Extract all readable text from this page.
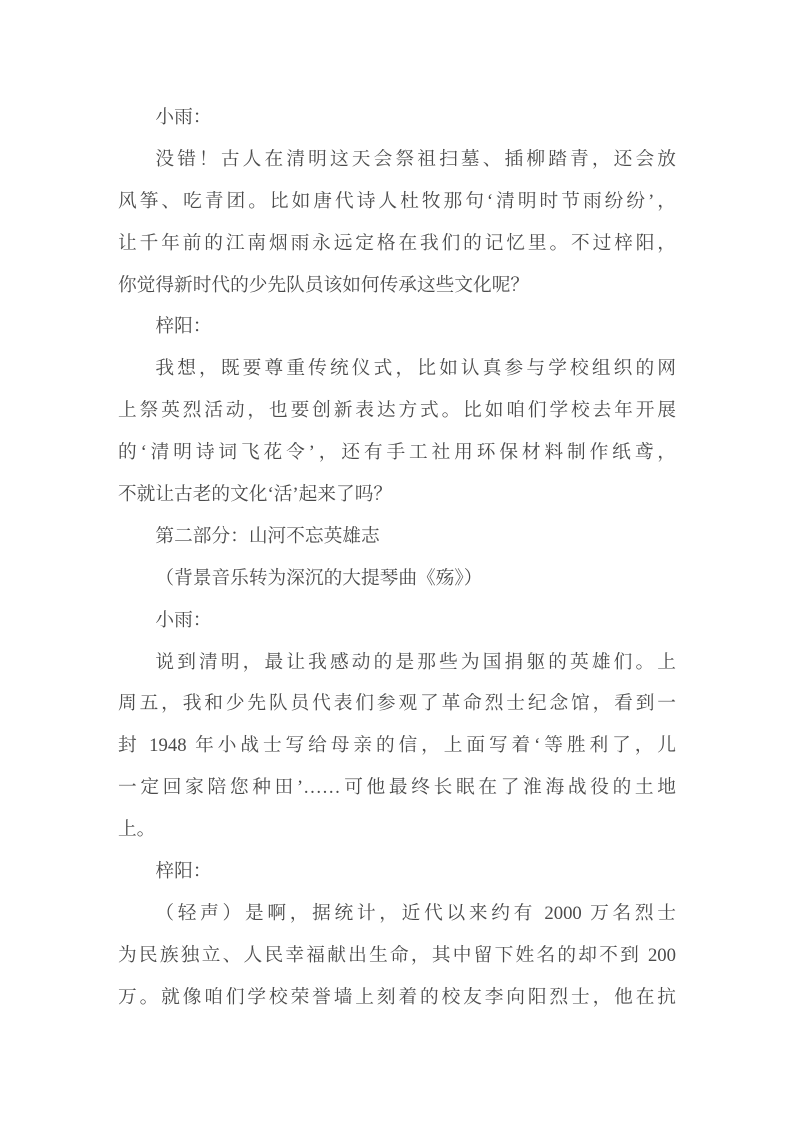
小雨：
没错！古人在清明这天会祭祖扫墓、插柳踏青，还会放
风筝、吃青团。比如唐代诗人杜牧那句‘清明时节雨纷纷’，
让千年前的江南烟雨永远定格在我们的记忆里。不过梓阳，
你觉得新时代的少先队员该如何传承这些文化呢？
梓阳：
我想，既要尊重传统仪式，比如认真参与学校组织的网
上祭英烈活动，也要创新表达方式。比如咱们学校去年开展
的‘清明诗词飞花令’，还有手工社用环保材料制作纸鸢，
不就让古老的文化‘活’起来了吗？
第二部分：山河不忘英雄志
（背景音乐转为深沉的大提琴曲《殇》）
小雨：
说到清明，最让我感动的是那些为国捐躯的英雄们。上
周五，我和少先队员代表们参观了革命烈士纪念馆，看到一
封 1948 年小战士写给母亲的信，上面写着‘等胜利了，儿
一定回家陪您种田’……可他最终长眠在了淮海战役的土地
上。
梓阳：
（轻声）是啊，据统计，近代以来约有 2000 万名烈士
为民族独立、人民幸福献出生命，其中留下姓名的却不到 200
万。就像咱们学校荣誉墙上刻着的校友李向阳烈士，他在抗
